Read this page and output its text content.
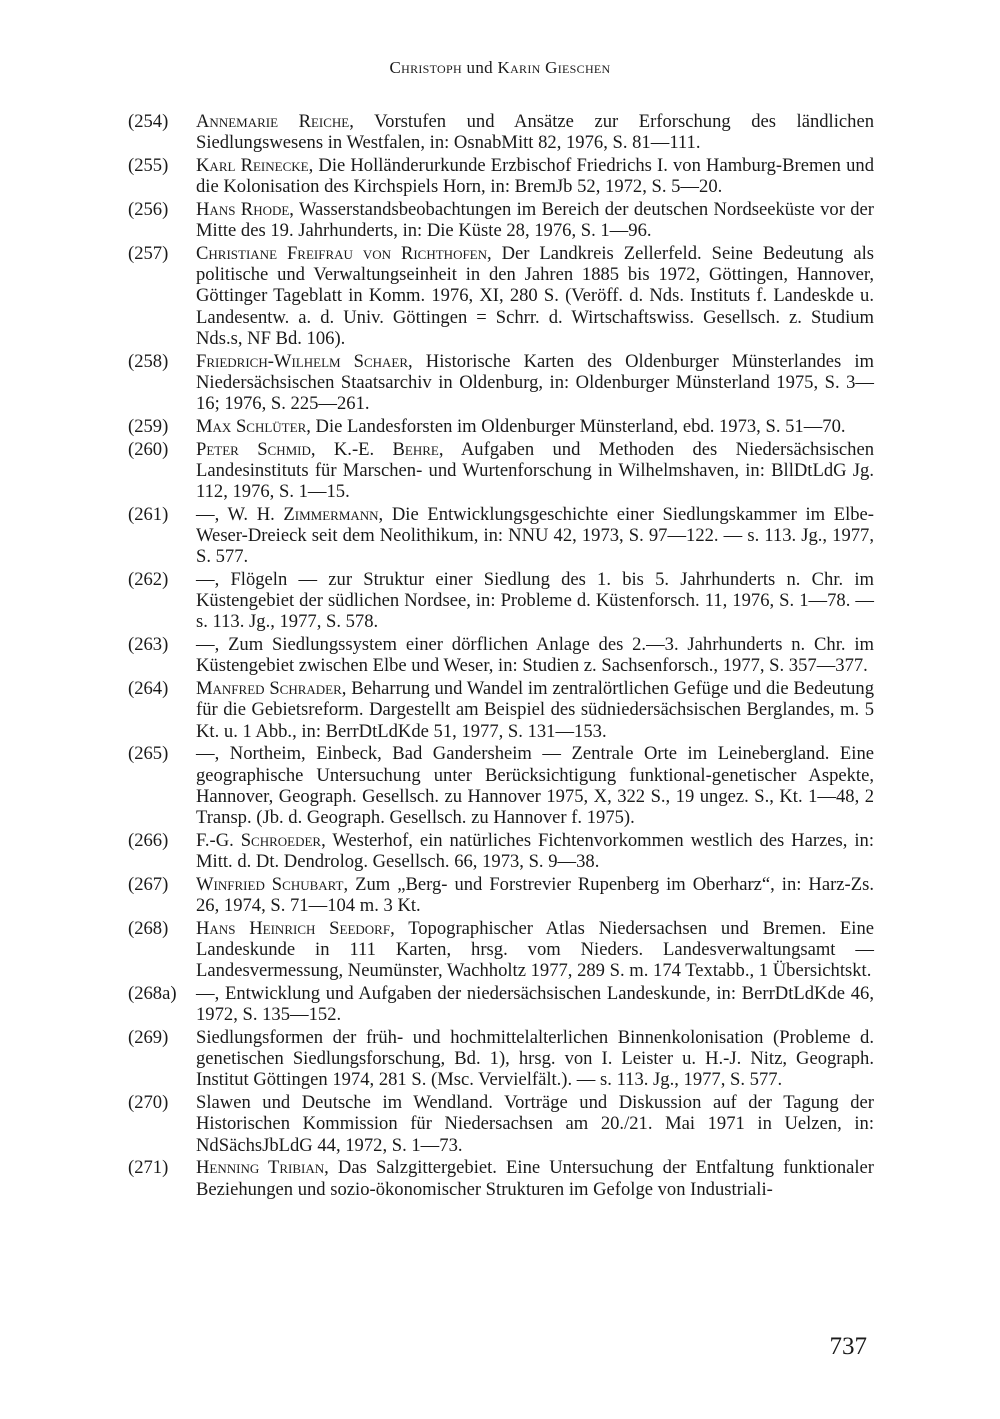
Christoph und Karin Gieschen
(254) Annemarie Reiche, Vorstufen und Ansätze zur Erforschung des ländlichen Siedlungswesens in Westfalen, in: OsnabMitt 82, 1976, S. 81—111.
(255) Karl Reinecke, Die Holländerurkunde Erzbischof Friedrichs I. von Hamburg-Bremen und die Kolonisation des Kirchspiels Horn, in: BremJb 52, 1972, S. 5—20.
(256) Hans Rhode, Wasserstandsbeobachtungen im Bereich der deutschen Nordseeküste vor der Mitte des 19. Jahrhunderts, in: Die Küste 28, 1976, S. 1—96.
(257) Christiane Freifrau von Richthofen, Der Landkreis Zellerfeld. Seine Bedeutung als politische und Verwaltungseinheit in den Jahren 1885 bis 1972, Göttingen, Hannover, Göttinger Tageblatt in Komm. 1976, XI, 280 S. (Veröff. d. Nds. Instituts f. Landeskde u. Landesentw. a. d. Univ. Göttingen = Schrr. d. Wirtschaftswiss. Gesellsch. z. Studium Nds.s, NF Bd. 106).
(258) Friedrich-Wilhelm Schaer, Historische Karten des Oldenburger Münsterlandes im Niedersächsischen Staatsarchiv in Oldenburg, in: Oldenburger Münsterland 1975, S. 3—16; 1976, S. 225—261.
(259) Max Schlüter, Die Landesforsten im Oldenburger Münsterland, ebd. 1973, S. 51—70.
(260) Peter Schmid, K.-E. Behre, Aufgaben und Methoden des Niedersächsischen Landesinstituts für Marschen- und Wurtenforschung in Wilhelmshaven, in: BllDtLdG Jg. 112, 1976, S. 1—15.
(261) —, W. H. Zimmermann, Die Entwicklungsgeschichte einer Siedlungskammer im Elbe-Weser-Dreieck seit dem Neolithikum, in: NNU 42, 1973, S. 97—122. — s. 113. Jg., 1977, S. 577.
(262) —, Flögeln — zur Struktur einer Siedlung des 1. bis 5. Jahrhunderts n. Chr. im Küstengebiet der südlichen Nordsee, in: Probleme d. Küstenforsch. 11, 1976, S. 1—78. — s. 113. Jg., 1977, S. 578.
(263) —, Zum Siedlungssystem einer dörflichen Anlage des 2.—3. Jahrhunderts n. Chr. im Küstengebiet zwischen Elbe und Weser, in: Studien z. Sachsenforsch., 1977, S. 357—377.
(264) Manfred Schrader, Beharrung und Wandel im zentralörtlichen Gefüge und die Bedeutung für die Gebietsreform. Dargestellt am Beispiel des südniedersächsischen Berglandes, m. 5 Kt. u. 1 Abb., in: BerrDtLdKde 51, 1977, S. 131—153.
(265) —, Northeim, Einbeck, Bad Gandersheim — Zentrale Orte im Leinebergland. Eine geographische Untersuchung unter Berücksichtigung funktional-genetischer Aspekte, Hannover, Geograph. Gesellsch. zu Hannover 1975, X, 322 S., 19 ungez. S., Kt. 1—48, 2 Transp. (Jb. d. Geograph. Gesellsch. zu Hannover f. 1975).
(266) F.-G. Schroeder, Westerhof, ein natürliches Fichtenvorkommen westlich des Harzes, in: Mitt. d. Dt. Dendrolog. Gesellsch. 66, 1973, S. 9—38.
(267) Winfried Schubart, Zum „Berg- und Forstrevier Rupenberg im Oberharz“, in: Harz-Zs. 26, 1974, S. 71—104 m. 3 Kt.
(268) Hans Heinrich Seedorf, Topographischer Atlas Niedersachsen und Bremen. Eine Landeskunde in 111 Karten, hrsg. vom Nieders. Landesverwaltungsamt — Landesvermessung, Neumünster, Wachholtz 1977, 289 S. m. 174 Textabb., 1 Übersichtskt.
(268a) —, Entwicklung und Aufgaben der niedersächsischen Landeskunde, in: BerrDtLdKde 46, 1972, S. 135—152.
(269) Siedlungsformen der früh- und hochmittelalterlichen Binnenkolonisation (Probleme d. genetischen Siedlungsforschung, Bd. 1), hrsg. von I. Leister u. H.-J. Nitz, Geograph. Institut Göttingen 1974, 281 S. (Msc. Vervielfält.). — s. 113. Jg., 1977, S. 577.
(270) Slawen und Deutsche im Wendland. Vorträge und Diskussion auf der Tagung der Historischen Kommission für Niedersachsen am 20./21. Mai 1971 in Uelzen, in: NdSächsJbLdG 44, 1972, S. 1—73.
(271) Henning Tribian, Das Salzgittergebiet. Eine Untersuchung der Entfaltung funktionaler Beziehungen und sozio-ökonomischer Strukturen im Gefolge von Industriali-
737
